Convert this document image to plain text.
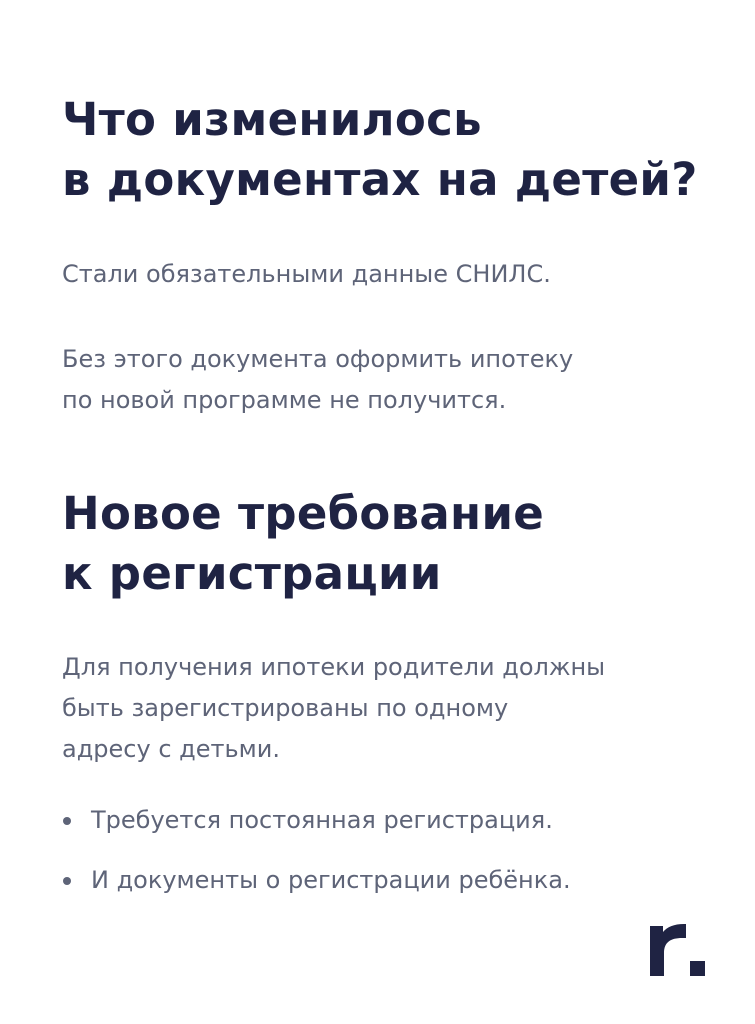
Что изменилось
в документах на детей?

Стали обязательными данные СНИЛС.

Без этого документа оформить ипотеку
по новой программе не получится.

Новое требование
к регистрации

Для получения ипотеки родители должны
быть зарегистрированы по одному
адресу с детьми.

Требуется постоянная регистрация.
И документы о регистрации ребёнка.
